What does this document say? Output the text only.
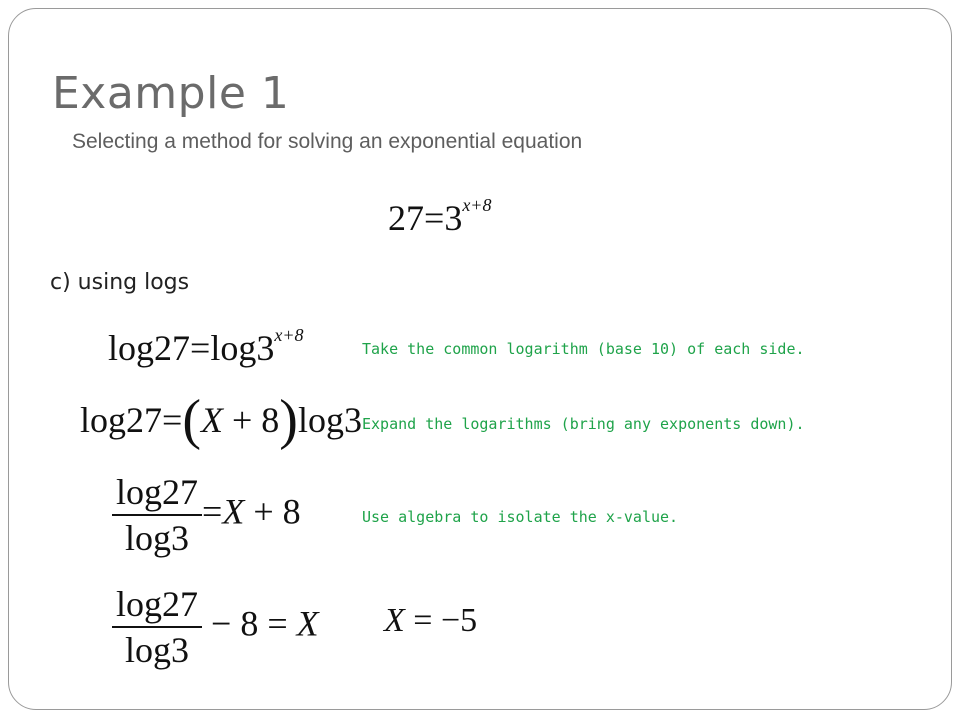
Example 1
Selecting a method for solving an exponential equation
$27=3^{x+8}$
c) using logs
$\log 27=\log 3^{x+8}$
Take the common logarithm (base 10) of each side.
log27=(X + 8)log3 Expand the logarithms (bring any exponents down).
$\frac{\log 27}{\log 3} =X + 8$	Use algebra to isolate the x-value.
$\frac{\log 27}{\log 3} - 8 = X$ X = −5
